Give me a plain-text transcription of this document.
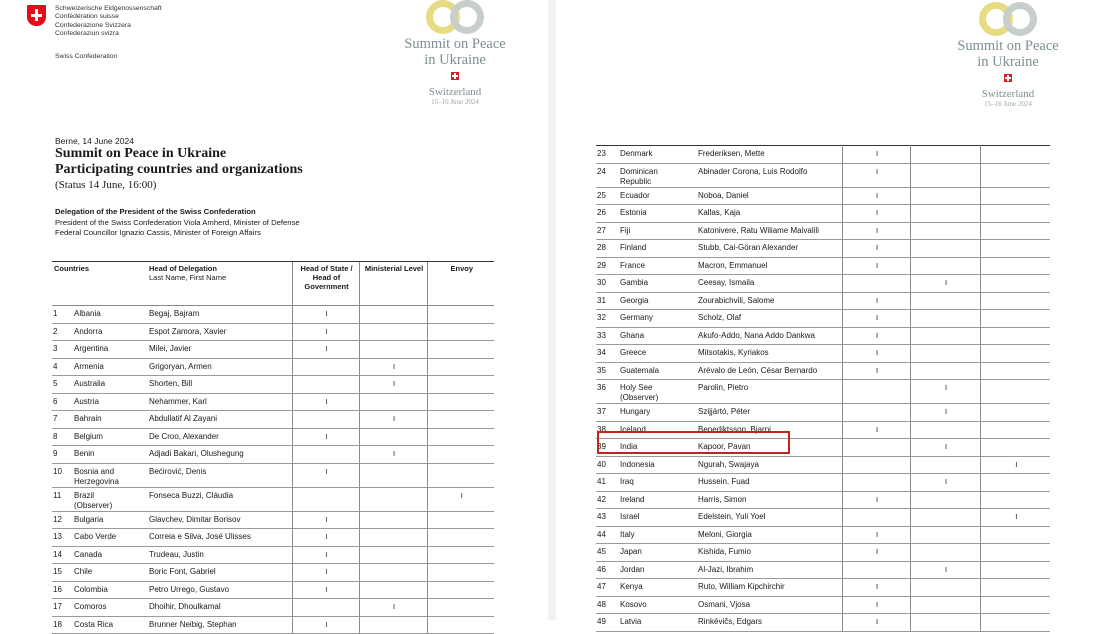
Schweizerische Eidgenossenschaft
Confédération suisse
Confederazione Svizzera
Confederaziun svizra
Swiss Confederation
Summit on Peace
in Ukraine
Switzerland
15–16 June 2024
Berne, 14 June 2024
Summit on Peace in Ukraine
Participating countries and organizations
(Status 14 June, 16:00)
Delegation of the President of the Swiss Confederation
President of the Swiss Confederation Viola Amherd, Minister of Defense
Federal Councillor Ignazio Cassis, Minister of Foreign Affairs
Countries		Head of Delegation
Last Name, First Name	Head of State / Head of Government	Ministerial Level	Envoy
1	Albania	Begaj, Bajram	I		
2	Andorra	Espot Zamora, Xavier	I		
3	Argentina	Milei, Javier	I		
4	Armenia	Grigoryan, Armen		I	
5	Australia	Shorten, Bill		I	
6	Austria	Nehammer, Karl	I		
7	Bahrain	Abdullatif Al Zayani		I	
8	Belgium	De Croo, Alexander	I		
9	Benin	Adjadi Bakari, Olushegung		I	
10	Bosnia and
Herzegovina	Bećirović, Denis	I		
11	Brazil
(Observer)	Fonseca Buzzi, Cláudia			I
12	Bulgaria	Glavchev, Dimitar Borisov	I		
13	Cabo Verde	Correia e Silva, José Ulisses	I		
14	Canada	Trudeau, Justin	I		
15	Chile	Boric Font, Gabriel	I		
16	Colombia	Petro Urrego, Gustavo	I		
17	Comoros	Dhoihir, Dhoulkamal		I	
18	Costa Rica	Brunner Neibig, Stephan	I		
Summit on Peace
in Ukraine
Switzerland
15–16 June 2024
23	Denmark	Frederiksen, Mette	I		
24	Dominican
Republic	Abinader Corona, Luis Rodolfo	I		
25	Ecuador	Noboa, Daniel	I		
26	Estonia	Kallas, Kaja	I		
27	Fiji	Katonivere, Ratu Wiliame Maivalili	I		
28	Finland	Stubb, Cai-Göran Alexander	I		
29	France	Macron, Emmanuel	I		
30	Gambia	Ceesay, Ismaila		I	
31	Georgia	Zourabichvili, Salome	I		
32	Germany	Scholz, Olaf	I		
33	Ghana	Akufo-Addo, Nana Addo Dankwa	I		
34	Greece	Mitsotakis, Kyriakos	I		
35	Guatemala	Arévalo de León, César Bernardo	I		
36	Holy See
(Observer)	Parolin, Pietro		I	
37	Hungary	Szijjártó, Péter		I	
38	Iceland	Benediktsson, Bjarni	I		
39	India	Kapoor, Pavan		I	
40	Indonesia	Ngurah, Swajaya			I
41	Iraq	Hussein, Fuad		I	
42	Ireland	Harris, Simon	I		
43	Israel	Edelstein, Yuli Yoel			I
44	Italy	Meloni, Giorgia	I		
45	Japan	Kishida, Fumio	I		
46	Jordan	Al-Jazi, Ibrahim		I	
47	Kenya	Ruto, William Kipchirchir	I		
48	Kosovo	Osmani, Vjosa	I		
49	Latvia	Rinkēvičs, Edgars	I		
